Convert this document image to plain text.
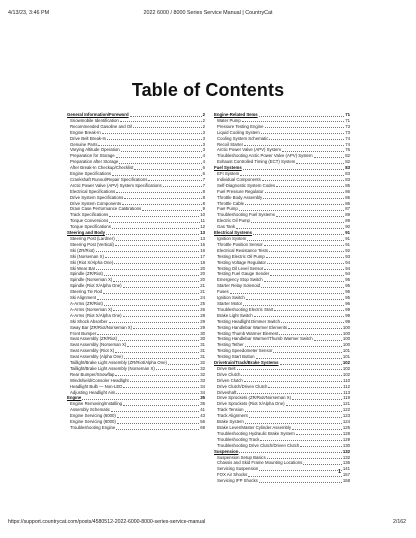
4/13/23, 3:46 PM	2022 6000 / 8000 Series Service Manual | CountryCat
Table of Contents
General Information/Foreword	2
Snowmobile Identification	2
Recommended Gasoline and Oil	2
Engine Break-In	3
Drive Belt Break-In	3
Genuine Parts	3
Varying Altitude Operation	3
Preparation for Storage	4
Preparation after Storage	4
After Break-In Checkup/Checklist	6
Engine Specifications	6
Crankshaft Runout/Repair Specifications	7
Arctic Power Valve (APV) System Specifications	7
Electrical Specifications	8
Drive System Specifications	8
Drive System Components	8
Drain Case Performance Calibrations	9
Track Specifications	10
Torque Conversions	11
Torque Specifications	12
Steering and Body	13
Steering Post (Lardner)	13
Steering Post (Vertical)	15
Ski (ZR/Riot)	16
Ski (Norseman X)	17
Ski (Riot X/Alpha One)	18
Ski Wear Bar	20
Spindle (ZR/Riot)	20
Spindle (Norseman X)	20
Spindle (Riot X/Alpha One)	21
Steering Tie Rod	21
Ski Alignment	24
A-Arms (ZR/Riot)	25
A-Arms (Norseman X)	26
A-Arms (Riot X/Alpha One)	28
Ski Shock Absorber	29
Sway Bar (ZR/Riot/Norseman X)	29
Front Bumper	30
Seat Assembly (ZR/Riot)	30
Seat Assembly (Norseman X)	31
Seat Assembly (Riot X)	31
Seat Assembly (Alpha One)	31
Taillight/Brake Light Assembly (ZR/Riot/Alpha One)	32
Taillight/Brake Light Assembly (Norseman X)	32
Rear Bumper/Snowflap	32
Windshield/Consoler Headlight	33
Headlight Bulb — Non-LED	34
Adjusting Headlight Aim	34
Engine	35
Engine Removing/Installing	35
Assembly Schematic	41
Engine Servicing (6000)	43
Engine Servicing (8000)	56
Troubleshooting Engine	69
Engine-Related Items	71
Water Pump	71
Pressure Testing Engine	73
Liquid Cooling System	73
Cooling System Schematic	74
Recoil Starter	74
Arctic Power Valve (APV) System	76
Troubleshooting Arctic Power Valve (APV) System	82
Exhaust Controlled Timing (ECT) System	82
Fuel Systems	83
EFI System	83
Individual Components	83
Self-Diagnostic System Codes	85
Fuel Pressure Regulator	86
Throttle Body Assembly	86
Throttle Cable	86
Fuel Pump	87
Troubleshooting Fuel Systems	89
Electric Oil Pump	89
Gas Tank	90
Electrical Systems	91
Ignition System	91
Throttle Position Sensor	91
Electrical Resistance Tests	92
Testing Electric Oil Pump	93
Testing Voltage Regulator	94
Testing Oil Level Sensor	94
Testing Fuel Gauge Sender	94
Emergency Stop Switch	95
Starter Relay Solenoid	95
Fuses	95
Ignition Switch	95
Starter Motor	96
Troubleshooting Electric Start	99
Brake Light Switch	99
Testing Headlight Dimmer Switch	99
Testing Handlebar Warmer Elements	100
Testing Thumb Warmer Element	100
Testing Handlebar Warmer/Thumb Warmer Switch	100
Testing Tether	100
Testing Speedometer Sensor	101
Testing Start Button	101
Drivetrain/Track/Brake Systems	102
Drive Belt	102
Drive Clutch	102
Driven Clutch	110
Drive Clutch/Driven Clutch	112
Driveshaft	113
Drive Sprockets (ZR/Riot/Norseman X)	119
Drive Sprockets (Riot X/Alpha One)	121
Track Tension	122
Track Alignment	123
Brake System	124
Brake Lever/Master Cylinder Assembly	125
Troubleshooting Hydraulic Brake System	128
Troubleshooting Track	129
Troubleshooting Drive Clutch/Driven Clutch	130
Suspension	132
Suspension Setup Basics	132
Chassis and Skid Frame Mounting Locations	136
Servicing Suspension	141
FOX Air Shocks	157
Servicing IFP Shocks	158
1
https://support.countrycat.com/posts/4580512-2022-6000-8000-series-service-manual	2/162
